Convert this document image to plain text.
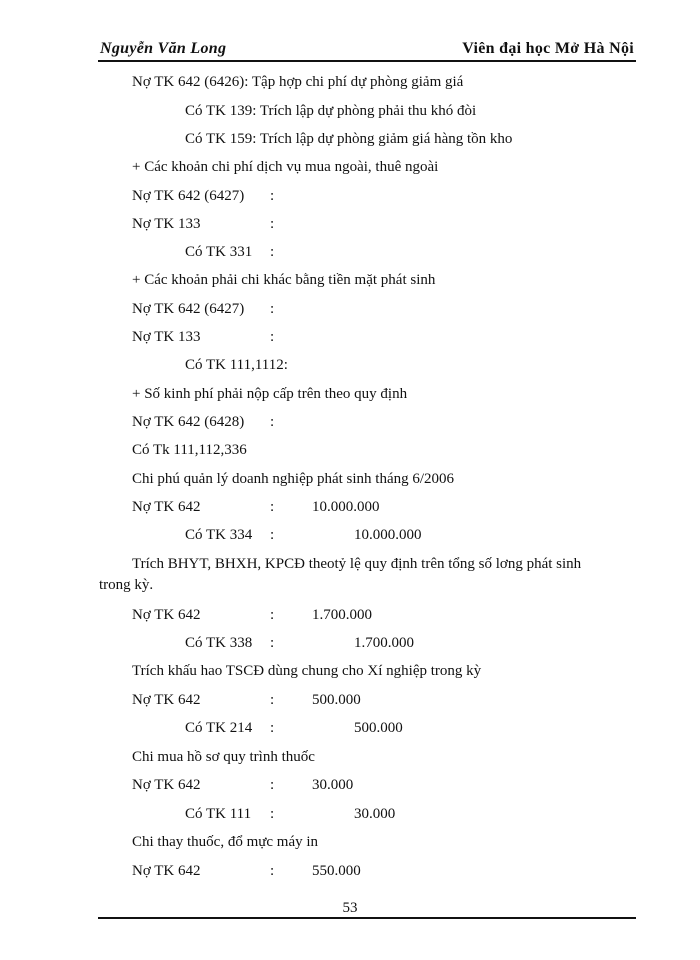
Nguyễn Văn Long	Viên đại học Mở Hà Nội
Nợ TK 642 (6426): Tập hợp chi phí dự phòng giảm giá
Có TK 139: Trích lập dự phòng phải thu khó đòi
Có TK 159: Trích lập dự phòng giảm giá hàng tồn kho
+ Các khoản chi phí dịch vụ mua ngoài, thuê ngoài
Nợ TK 642 (6427) :
Nợ TK 133	:
Có TK 331 :
+ Các khoản phải chi khác bằng tiền mặt phát sinh
Nợ TK 642 (6427) :
Nợ TK 133	:
Có TK 111,1112:
+ Số kinh phí phải nộp cấp trên theo quy định
Nợ TK 642 (6428) :
Có Tk 111,112,336
Chi phú quản lý doanh nghiệp phát sinh tháng 6/2006
Nợ TK 642	:	10.000.000
Có TK 334 :	10.000.000
Trích BHYT, BHXH, KPCĐ theotỷ lệ quy định trên tổng số lơng phát sinh
trong kỳ.
Nợ TK 642	:	1.700.000
Có TK 338 :	1.700.000
Trích khấu hao TSCĐ dùng chung cho Xí nghiệp trong kỳ
Nợ TK 642	:	500.000
Có TK 214 :	500.000
Chi mua hồ sơ quy trình thuốc
Nợ TK 642	:	30.000
Có TK 111 :	30.000
Chi thay thuốc, đổ mực máy in
Nợ TK 642	:	550.000
53
